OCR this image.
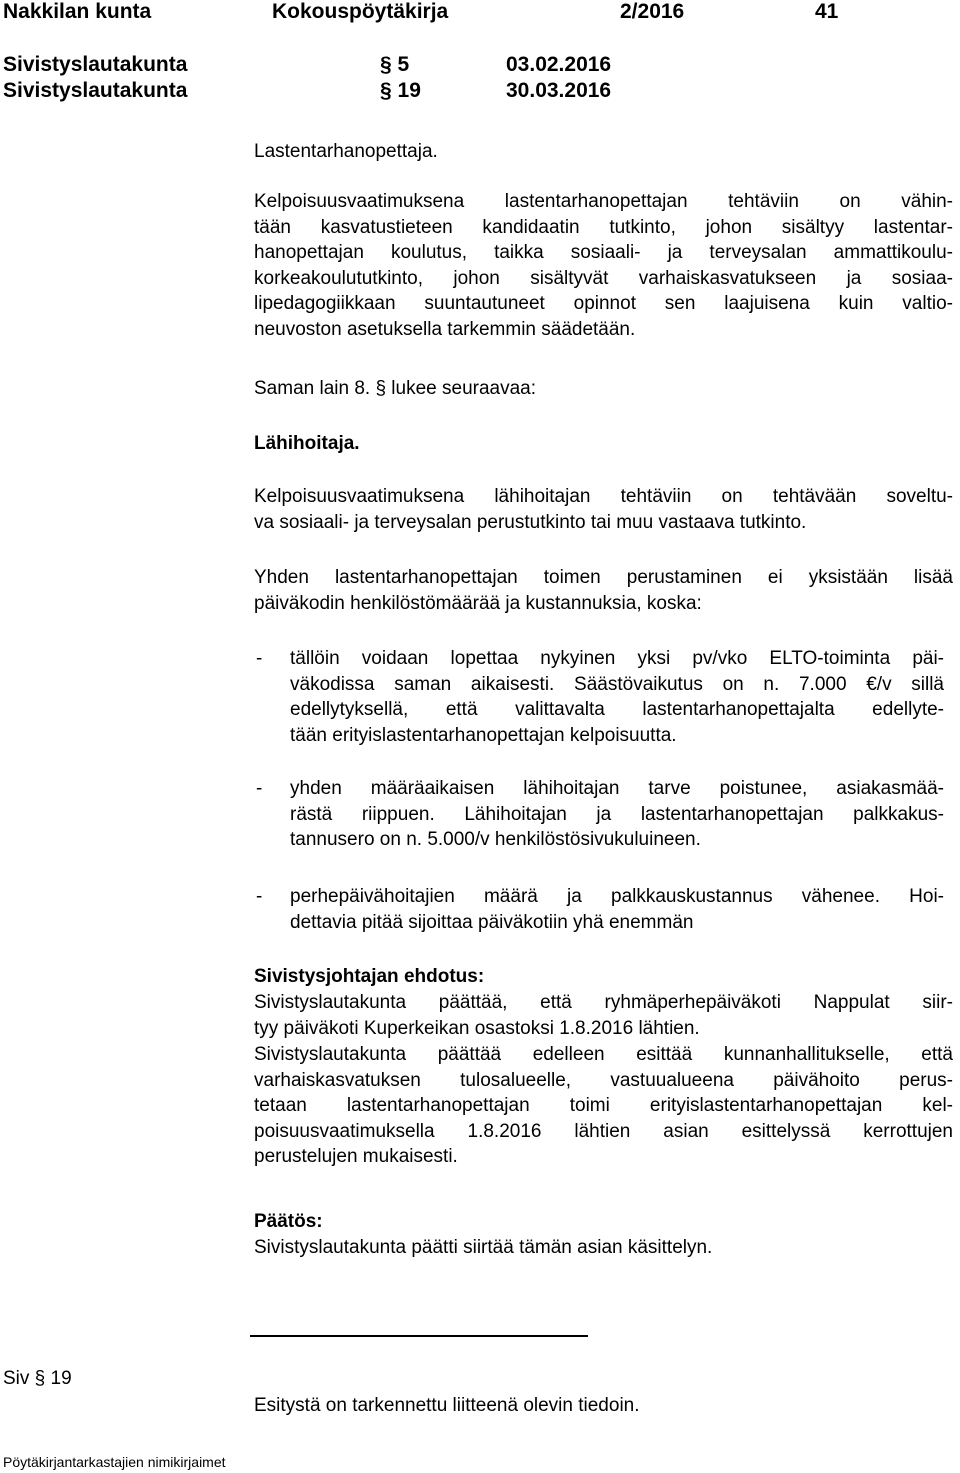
Nakkilan kunta	Kokouspöytäkirja	2/2016	41
Sivistyslautakunta	§ 5	03.02.2016
Sivistyslautakunta	§ 19	30.03.2016
Lastentarhanopettaja.
Kelpoisuusvaatimuksena lastentarhanopettajan tehtäviin on vähin-
tään kasvatustieteen kandidaatin tutkinto, johon sisältyy lastentar-
hanopettajan koulutus, taikka sosiaali- ja terveysalan ammattikoulu-
korkeakoulututkinto, johon sisältyvät varhaiskasvatukseen ja sosiaa-
lipedagogiikkaan suuntautuneet opinnot sen laajuisena kuin valtio-
neuvoston asetuksella tarkemmin säädetään.
Saman lain 8. § lukee seuraavaa:
Lähihoitaja.
Kelpoisuusvaatimuksena lähihoitajan tehtäviin on tehtävään soveltu-
va sosiaali- ja terveysalan perustutkinto tai muu vastaava tutkinto.
Yhden lastentarhanopettajan toimen perustaminen ei yksistään lisää
päiväkodin henkilöstömäärää ja kustannuksia, koska:
- tällöin voidaan lopettaa nykyinen yksi pv/vko ELTO-toiminta päi-
väkodissa saman aikaisesti. Säästövaikutus on n. 7.000 €/v sillä
edellytyksellä, että valittavalta lastentarhanopettajalta edellyte-
tään erityislastentarhanopettajan kelpoisuutta.
- yhden määräaikaisen lähihoitajan tarve poistunee, asiakasmää-
rästä riippuen. Lähihoitajan ja lastentarhanopettajan palkkakus-
tannusero on n. 5.000/v henkilöstösivukuluineen.
- perhepäivähoitajien määrä ja palkkauskustannus vähenee. Hoi-
dettavia pitää sijoittaa päiväkotiin yhä enemmän
Sivistysjohtajan ehdotus:
Sivistyslautakunta päättää, että ryhmäperhepäiväkoti Nappulat siir-
tyy päiväkoti Kuperkeikan osastoksi 1.8.2016 lähtien.
Sivistyslautakunta päättää edelleen esittää kunnanhallitukselle, että
varhaiskasvatuksen tulosalueelle, vastuualueena päivähoito perus-
tetaan lastentarhanopettajan toimi erityislastentarhanopettajan kel-
poisuusvaatimuksella 1.8.2016 lähtien asian esittelyssä kerrottujen
perustelujen mukaisesti.
Päätös:
Sivistyslautakunta päätti siirtää tämän asian käsittelyn.
Siv § 19
Esitystä on tarkennettu liitteenä olevin tiedoin.
Pöytäkirjantarkastajien nimikirjaimet
